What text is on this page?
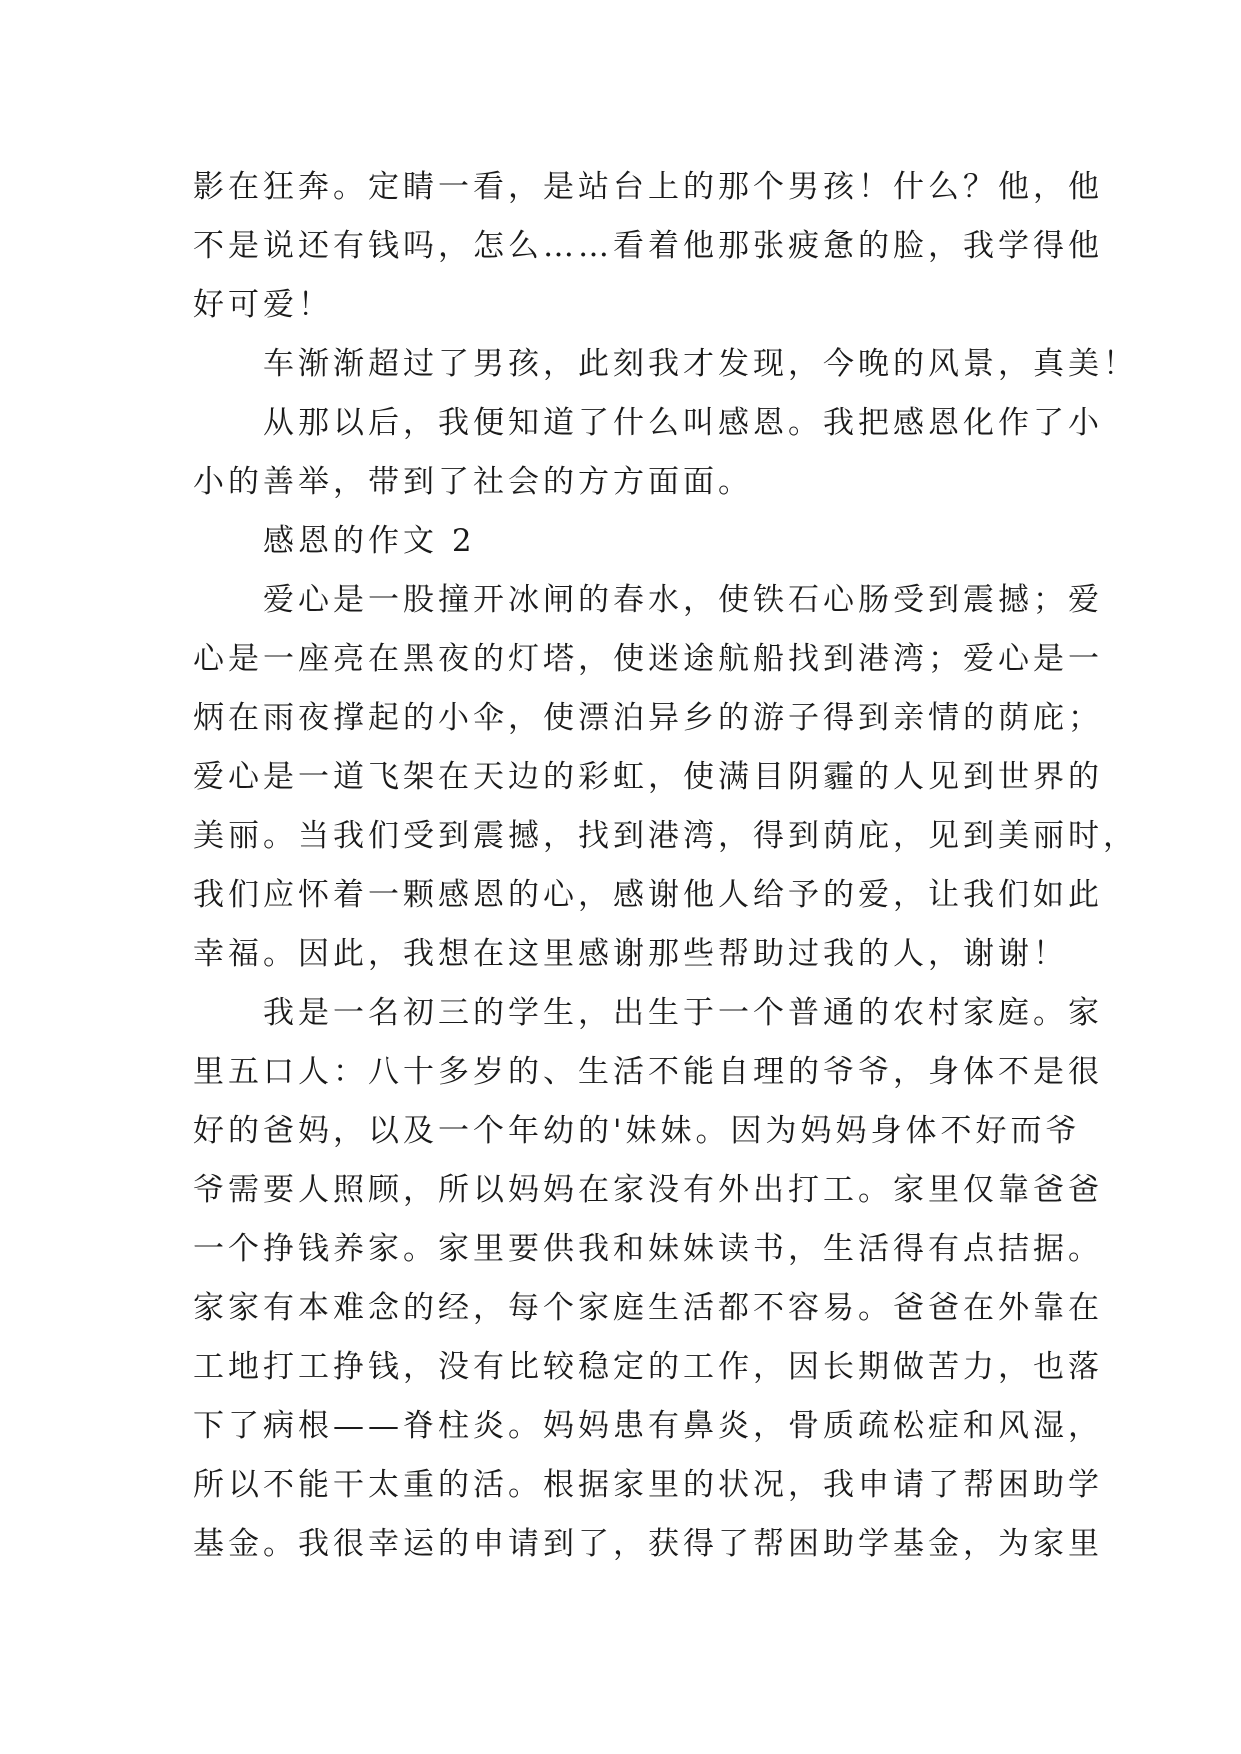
影在狂奔。定睛一看，是站台上的那个男孩！什么？他，他
不是说还有钱吗，怎么……看着他那张疲惫的脸，我学得他
好可爱！
　　车渐渐超过了男孩，此刻我才发现，今晚的风景，真美！
　　从那以后，我便知道了什么叫感恩。我把感恩化作了小
小的善举，带到了社会的方方面面。
　　感恩的作文 2
　　爱心是一股撞开冰闸的春水，使铁石心肠受到震撼；爱
心是一座亮在黑夜的灯塔，使迷途航船找到港湾；爱心是一
炳在雨夜撑起的小伞，使漂泊异乡的游子得到亲情的荫庇；
爱心是一道飞架在天边的彩虹，使满目阴霾的人见到世界的
美丽。当我们受到震撼，找到港湾，得到荫庇，见到美丽时，
我们应怀着一颗感恩的心，感谢他人给予的爱，让我们如此
幸福。因此，我想在这里感谢那些帮助过我的人，谢谢！
　　我是一名初三的学生，出生于一个普通的农村家庭。家
里五口人：八十多岁的、生活不能自理的爷爷，身体不是很
好的爸妈，以及一个年幼的'妹妹。因为妈妈身体不好而爷
爷需要人照顾，所以妈妈在家没有外出打工。家里仅靠爸爸
一个挣钱养家。家里要供我和妹妹读书，生活得有点拮据。
家家有本难念的经，每个家庭生活都不容易。爸爸在外靠在
工地打工挣钱，没有比较稳定的工作，因长期做苦力，也落
下了病根——脊柱炎。妈妈患有鼻炎，骨质疏松症和风湿，
所以不能干太重的活。根据家里的状况，我申请了帮困助学
基金。我很幸运的申请到了，获得了帮困助学基金，为家里
